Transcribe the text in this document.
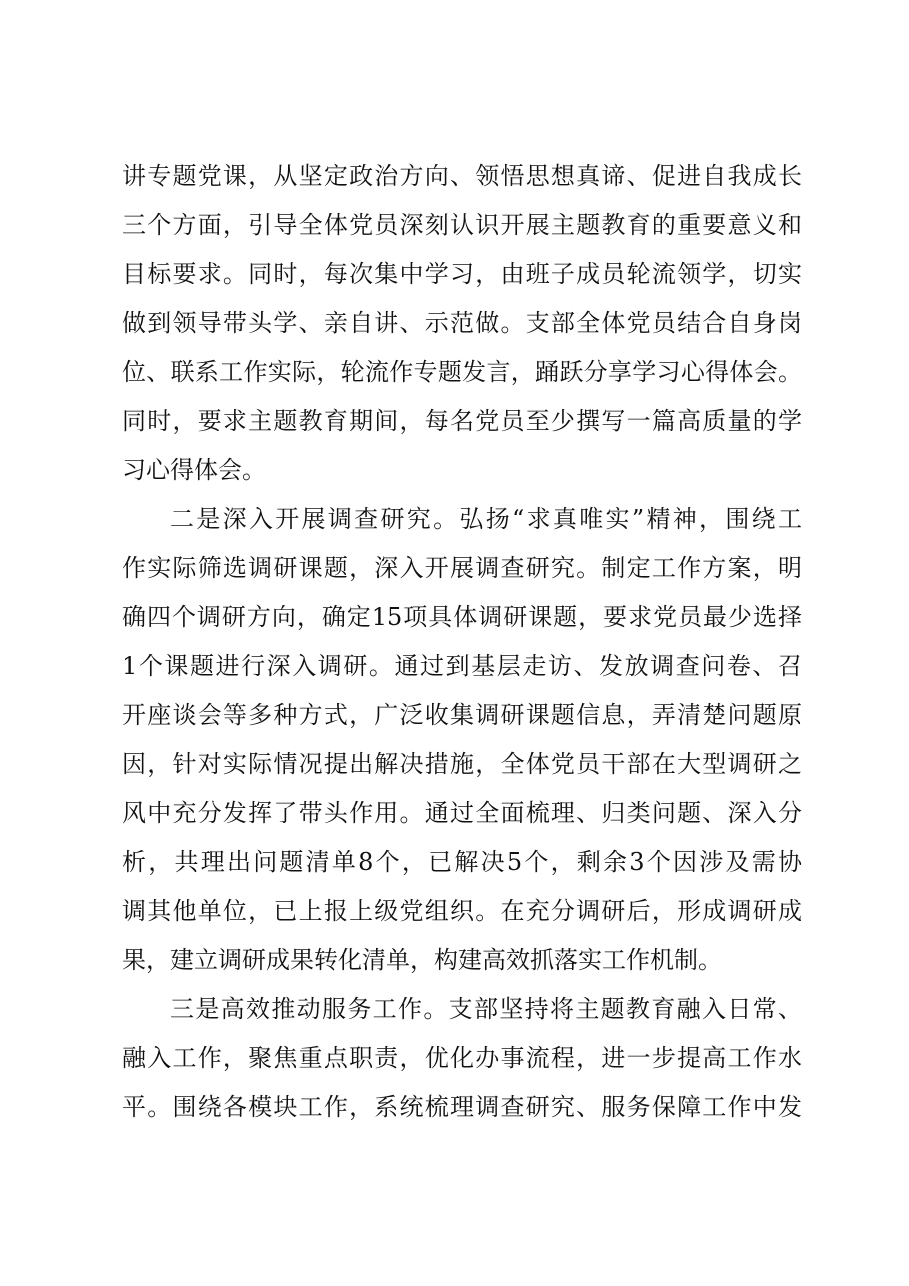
讲专题党课，从坚定政治方向、领悟思想真谛、促进自我成长
三个方面，引导全体党员深刻认识开展主题教育的重要意义和
目标要求。同时，每次集中学习，由班子成员轮流领学，切实
做到领导带头学、亲自讲、示范做。支部全体党员结合自身岗
位、联系工作实际，轮流作专题发言，踊跃分享学习心得体会。
同时，要求主题教育期间，每名党员至少撰写一篇高质量的学
习心得体会。
二是深入开展调查研究。弘扬“求真唯实”精神，围绕工
作实际筛选调研课题，深入开展调查研究。制定工作方案，明
确四个调研方向，确定15项具体调研课题，要求党员最少选择
1个课题进行深入调研。通过到基层走访、发放调查问卷、召
开座谈会等多种方式，广泛收集调研课题信息，弄清楚问题原
因，针对实际情况提出解决措施，全体党员干部在大型调研之
风中充分发挥了带头作用。通过全面梳理、归类问题、深入分
析，共理出问题清单8个，已解决5个，剩余3个因涉及需协
调其他单位，已上报上级党组织。在充分调研后，形成调研成
果，建立调研成果转化清单，构建高效抓落实工作机制。
三是高效推动服务工作。支部坚持将主题教育融入日常、
融入工作，聚焦重点职责，优化办事流程，进一步提高工作水
平。围绕各模块工作，系统梳理调查研究、服务保障工作中发
